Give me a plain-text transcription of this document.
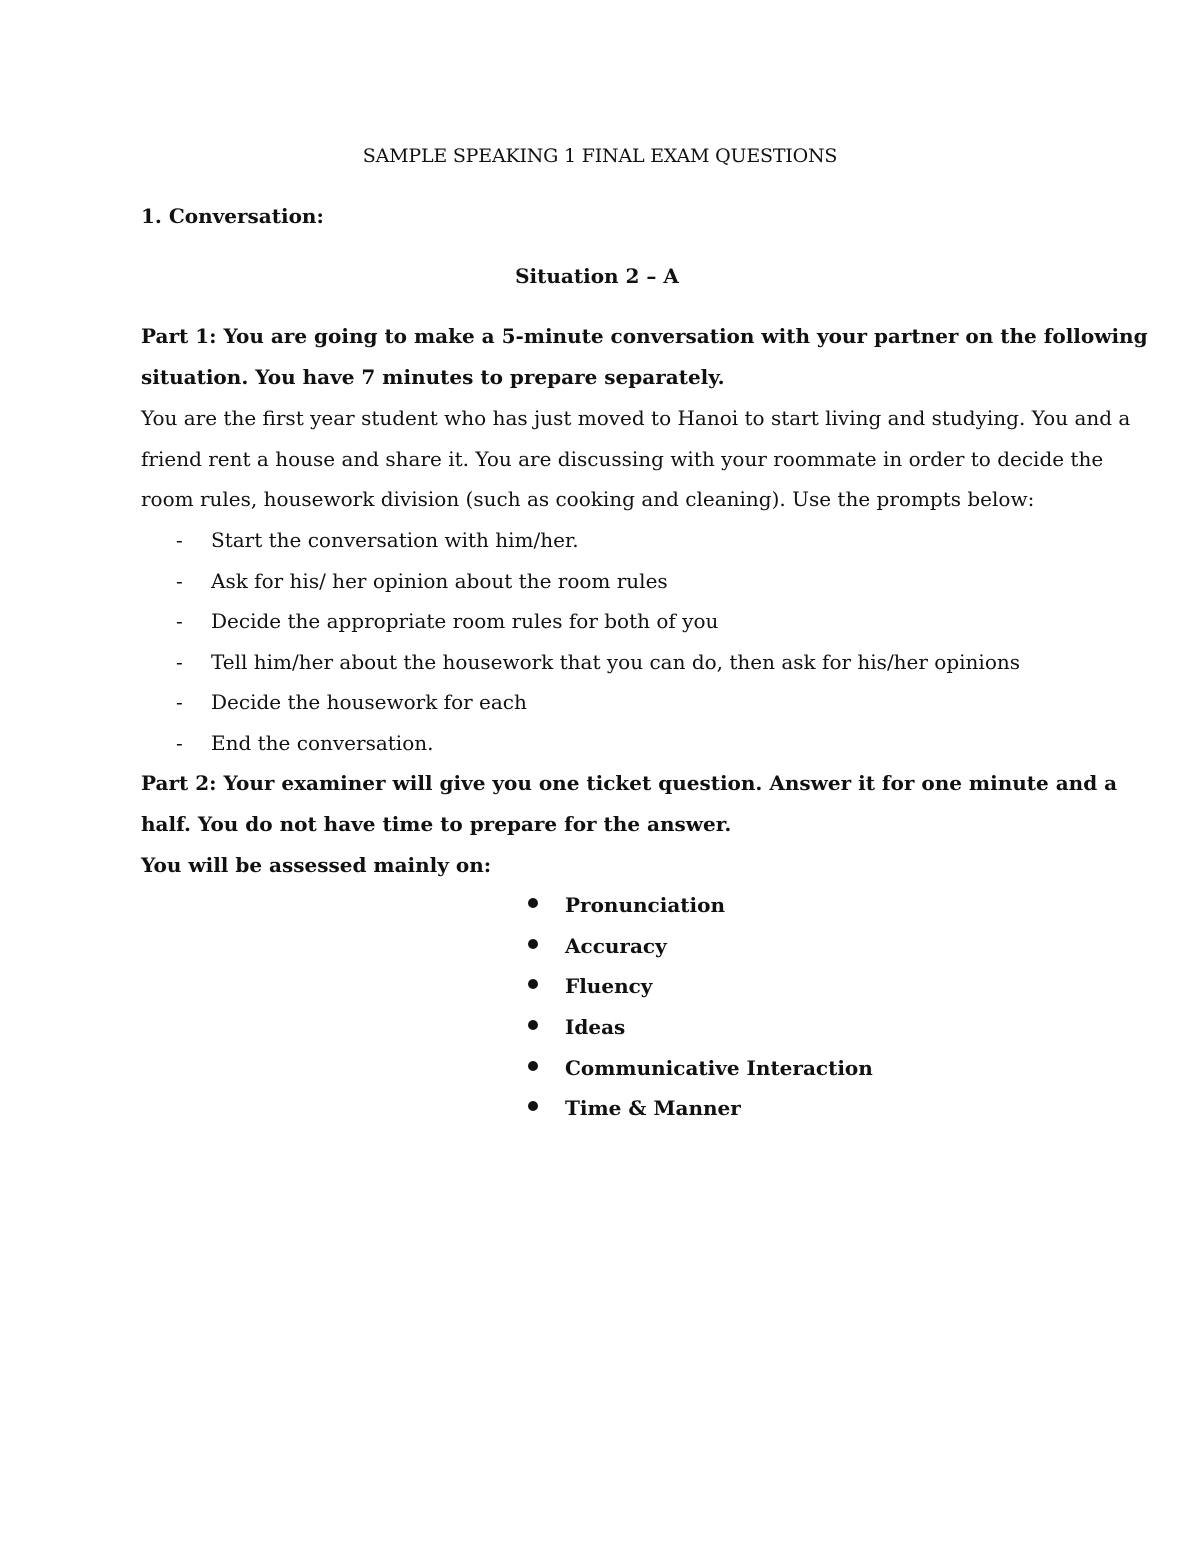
SAMPLE SPEAKING 1 FINAL EXAM QUESTIONS
1. Conversation:
Situation 2 – A
Part 1: You are going to make a 5-minute conversation with your partner on the following
situation. You have 7 minutes to prepare separately.
You are the first year student who has just moved to Hanoi to start living and studying. You and a
friend rent a house and share it. You are discussing with your roommate in order to decide the
room rules, housework division (such as cooking and cleaning). Use the prompts below:
- Start the conversation with him/her.
- Ask for his/ her opinion about the room rules
- Decide the appropriate room rules for both of you
- Tell him/her about the housework that you can do, then ask for his/her opinions
- Decide the housework for each
- End the conversation.
Part 2: Your examiner will give you one ticket question. Answer it for one minute and a
half. You do not have time to prepare for the answer.
You will be assessed mainly on:
Pronunciation
Accuracy
Fluency
Ideas
Communicative Interaction
Time & Manner
